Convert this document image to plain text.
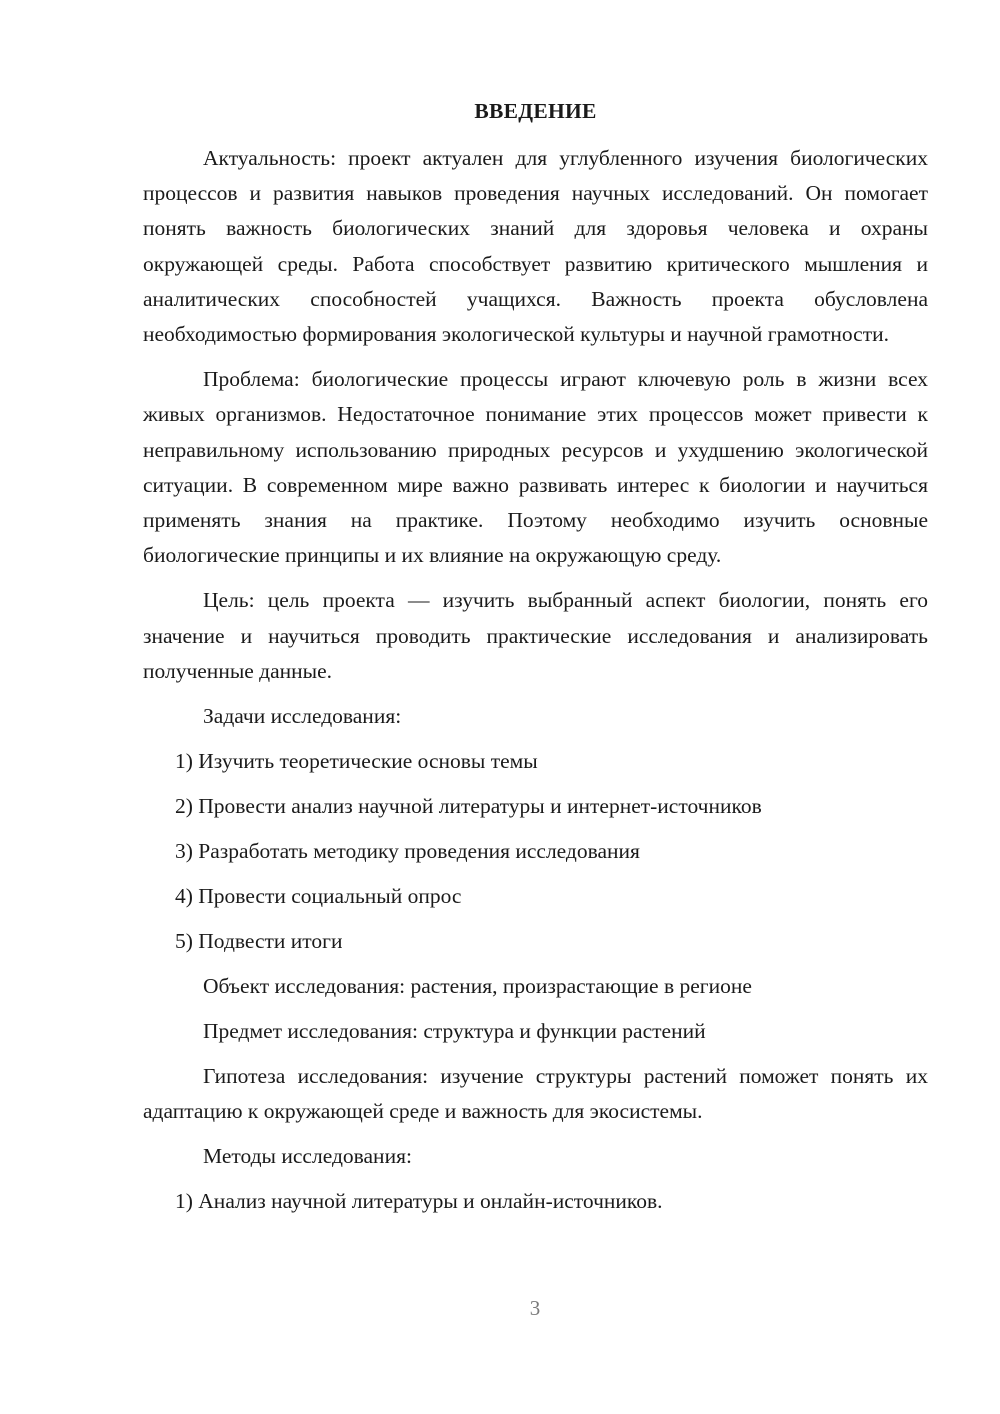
ВВЕДЕНИЕ

Актуальность: проект актуален для углубленного изучения биологических процессов и развития навыков проведения научных исследований. Он помогает понять важность биологических знаний для здоровья человека и охраны окружающей среды. Работа способствует развитию критического мышления и аналитических способностей учащихся. Важность проекта обусловлена необходимостью формирования экологической культуры и научной грамотности.

Проблема: биологические процессы играют ключевую роль в жизни всех живых организмов. Недостаточное понимание этих процессов может привести к неправильному использованию природных ресурсов и ухудшению экологической ситуации. В современном мире важно развивать интерес к биологии и научиться применять знания на практике. Поэтому необходимо изучить основные биологические принципы и их влияние на окружающую среду.

Цель: цель проекта — изучить выбранный аспект биологии, понять его значение и научиться проводить практические исследования и анализировать полученные данные.

Задачи исследования:
1) Изучить теоретические основы темы
2) Провести анализ научной литературы и интернет-источников
3) Разработать методику проведения исследования
4) Провести социальный опрос
5) Подвести итоги
Объект исследования: растения, произрастающие в регионе
Предмет исследования: структура и функции растений

Гипотеза исследования: изучение структуры растений поможет понять их адаптацию к окружающей среде и важность для экосистемы.

Методы исследования:
1) Анализ научной литературы и онлайн-источников.
3
